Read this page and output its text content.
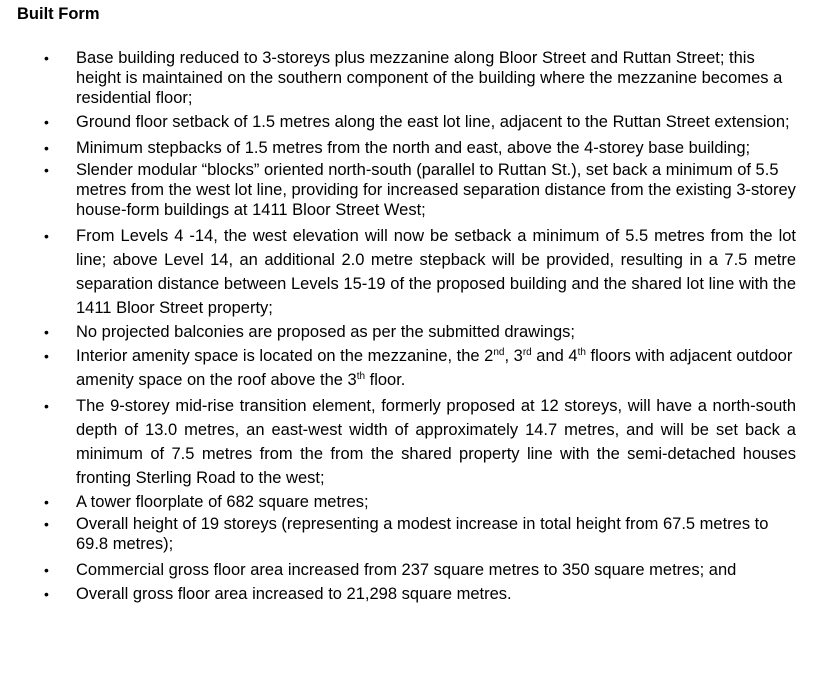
Built Form
• Base building reduced to 3-storeys plus mezzanine along Bloor Street and Ruttan Street; this height is maintained on the southern component of the building where the mezzanine becomes a residential floor;
• Ground floor setback of 1.5 metres along the east lot line, adjacent to the Ruttan Street extension;
• Minimum stepbacks of 1.5 metres from the north and east, above the 4-storey base building;
• Slender modular “blocks” oriented north-south (parallel to Ruttan St.), set back a minimum of 5.5 metres from the west lot line, providing for increased separation distance from the existing 3-storey house-form buildings at 1411 Bloor Street West;
• From Levels 4 -14, the west elevation will now be setback a minimum of 5.5 metres from the lot line; above Level 14, an additional 2.0 metre stepback will be provided, resulting in a 7.5 metre separation distance between Levels 15-19 of the proposed building and the shared lot line with the 1411 Bloor Street property;
• No projected balconies are proposed as per the submitted drawings;
• Interior amenity space is located on the mezzanine, the 2nd, 3rd and 4th floors with adjacent outdoor amenity space on the roof above the 3th floor.
• The 9-storey mid-rise transition element, formerly proposed at 12 storeys, will have a north-south depth of 13.0 metres, an east-west width of approximately 14.7 metres, and will be set back a minimum of 7.5 metres from the from the shared property line with the semi-detached houses fronting Sterling Road to the west;
• A tower floorplate of 682 square metres;
• Overall height of 19 storeys (representing a modest increase in total height from 67.5 metres to 69.8 metres);
• Commercial gross floor area increased from 237 square metres to 350 square metres; and
• Overall gross floor area increased to 21,298 square metres.
